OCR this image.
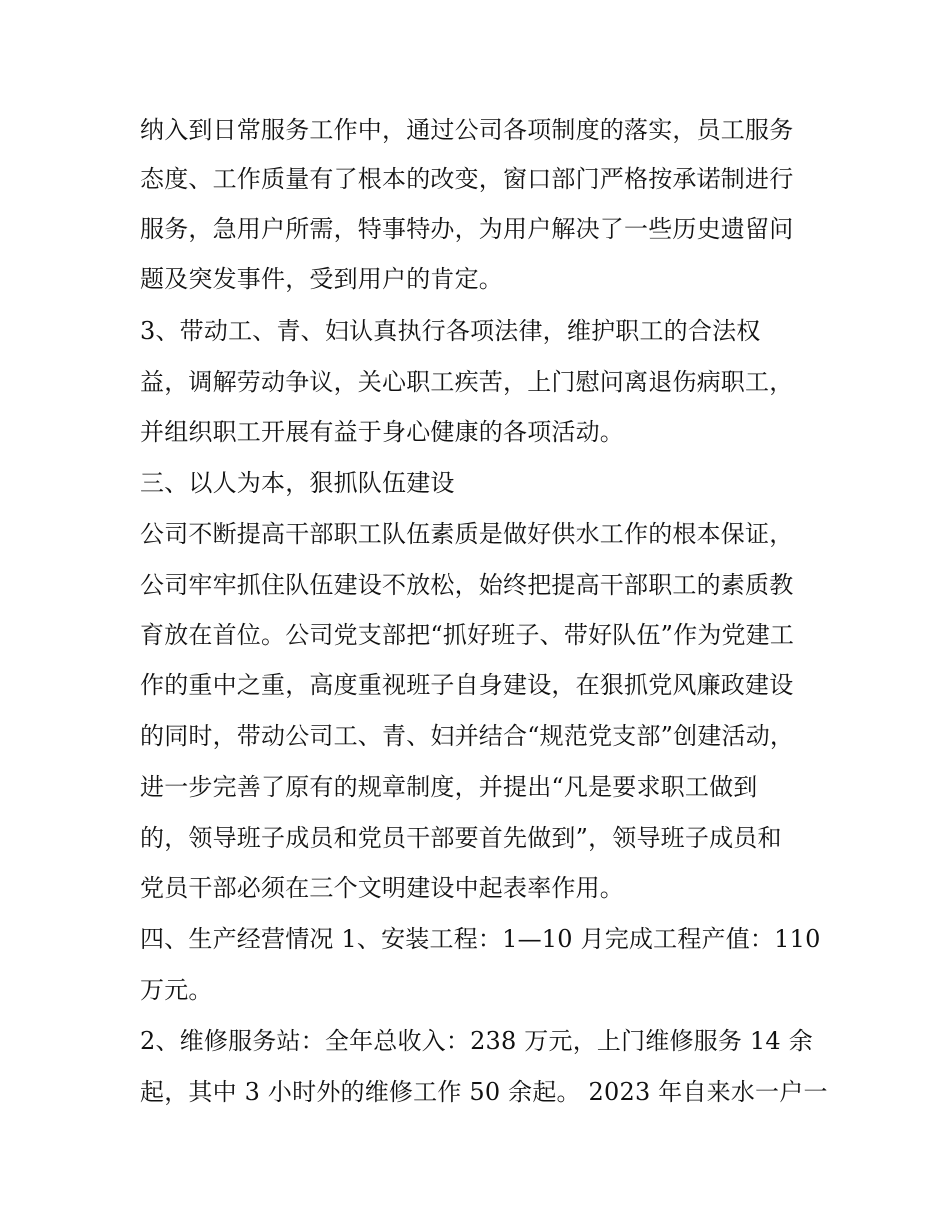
纳入到日常服务工作中，通过公司各项制度的落实，员工服务
态度、工作质量有了根本的改变，窗口部门严格按承诺制进行
服务，急用户所需，特事特办，为用户解决了一些历史遗留问
题及突发事件，受到用户的肯定。
3、带动工、青、妇认真执行各项法律，维护职工的合法权
益，调解劳动争议，关心职工疾苦，上门慰问离退伤病职工，
并组织职工开展有益于身心健康的各项活动。
三、以人为本，狠抓队伍建设
公司不断提高干部职工队伍素质是做好供水工作的根本保证，
公司牢牢抓住队伍建设不放松，始终把提高干部职工的素质教
育放在首位。公司党支部把“抓好班子、带好队伍”作为党建工
作的重中之重，高度重视班子自身建设，在狠抓党风廉政建设
的同时，带动公司工、青、妇并结合“规范党支部”创建活动，
进一步完善了原有的规章制度，并提出“凡是要求职工做到
的，领导班子成员和党员干部要首先做到”，领导班子成员和
党员干部必须在三个文明建设中起表率作用。
四、生产经营情况 1、安装工程：1—10 月完成工程产值：110
万元。
2、维修服务站：全年总收入：238 万元，上门维修服务 14 余
起，其中 3 小时外的维修工作 50 余起。 2023 年自来水一户一
